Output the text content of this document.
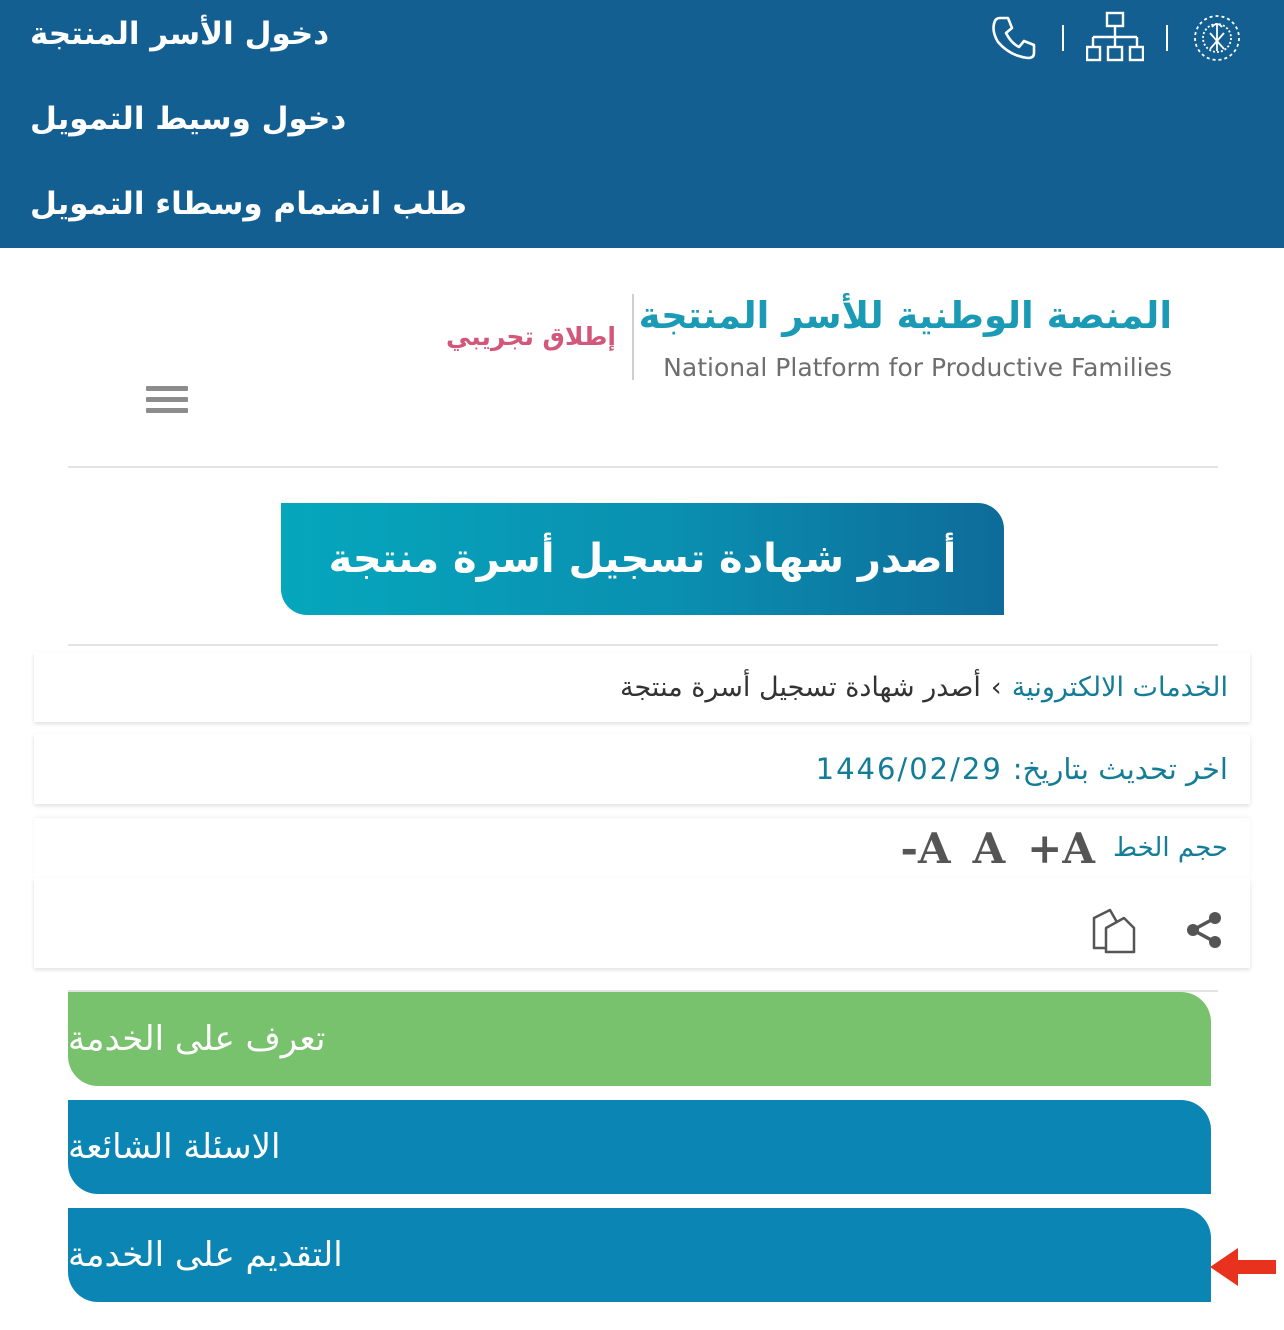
دخول الأسر المنتجة
دخول وسيط التمويل
طلب انضمام وسطاء التمويل
المنصة الوطنية للأسر المنتجة
National Platform for Productive Families
إطلاق تجريبي
أصدر شهادة تسجيل أسرة منتجة
الخدمات الالكترونية
›
أصدر شهادة تسجيل أسرة منتجة
اخر تحديث بتاريخ:
1446/02/29
حجم الخط
+A
A
-A
تعرف على الخدمة
الاسئلة الشائعة
التقديم على الخدمة
